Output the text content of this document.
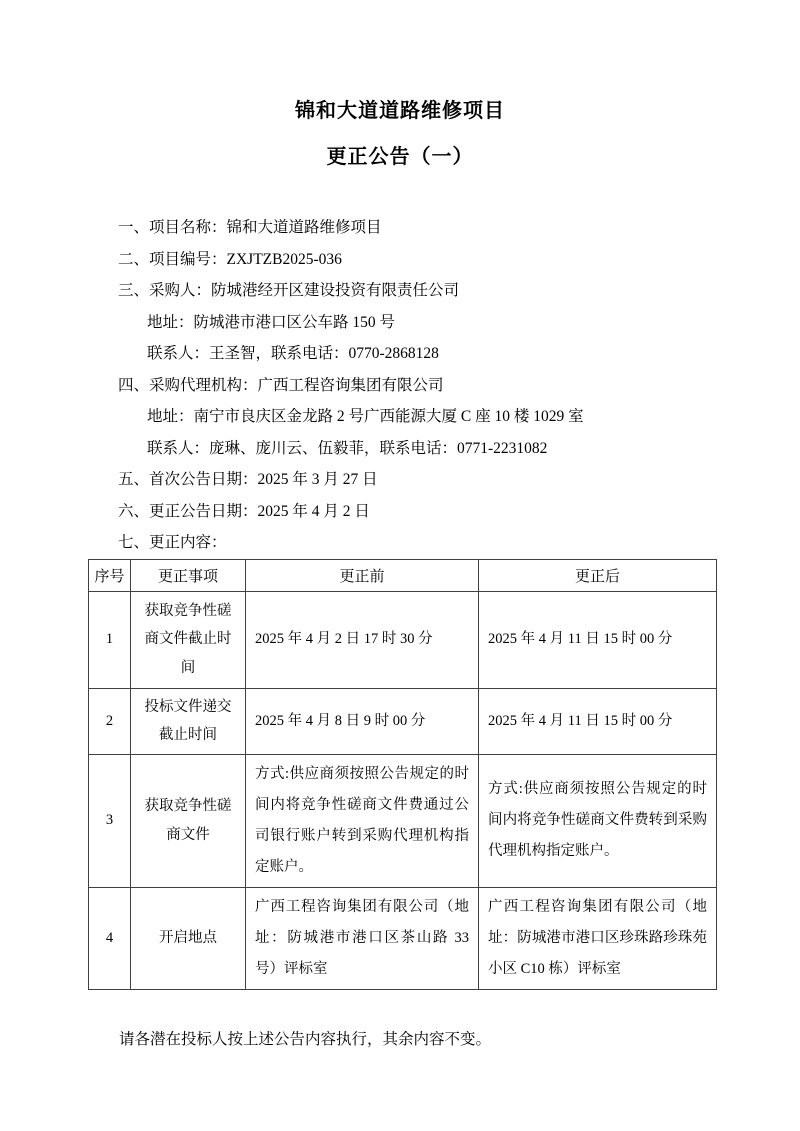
锦和大道道路维修项目
更正公告（一）

一、项目名称：锦和大道道路维修项目

二、项目编号：ZXJTZB2025-036

三、采购人：防城港经开区建设投资有限责任公司

地址：防城港市港口区公车路 150 号

联系人：王圣智，联系电话：0770-2868128

四、采购代理机构：广西工程咨询集团有限公司

地址：南宁市良庆区金龙路 2 号广西能源大厦 C 座 10 楼 1029 室

联系人：庞琳、庞川云、伍毅菲，联系电话：0771-2231082

五、首次公告日期：2025 年 3 月 27 日

六、更正公告日期：2025 年 4 月 2 日

七、更正内容：

序号	更正事项	更正前	更正后
1	获取竞争性磋商文件截止时间	2025 年 4 月 2 日 17 时 30 分	2025 年 4 月 11 日 15 时 00 分
2	投标文件递交截止时间	2025 年 4 月 8 日 9 时 00 分	2025 年 4 月 11 日 15 时 00 分
3	获取竞争性磋商文件	方式:供应商须按照公告规定的时间内将竞争性磋商文件费通过公司银行账户转到采购代理机构指定账户。	方式:供应商须按照公告规定的时间内将竞争性磋商文件费转到采购代理机构指定账户。
4	开启地点	广西工程咨询集团有限公司（地址：防城港市港口区茶山路 33 号）评标室	广西工程咨询集团有限公司（地址：防城港市港口区珍珠路珍珠苑小区 C10 栋）评标室

请各潜在投标人按上述公告内容执行，其余内容不变。
